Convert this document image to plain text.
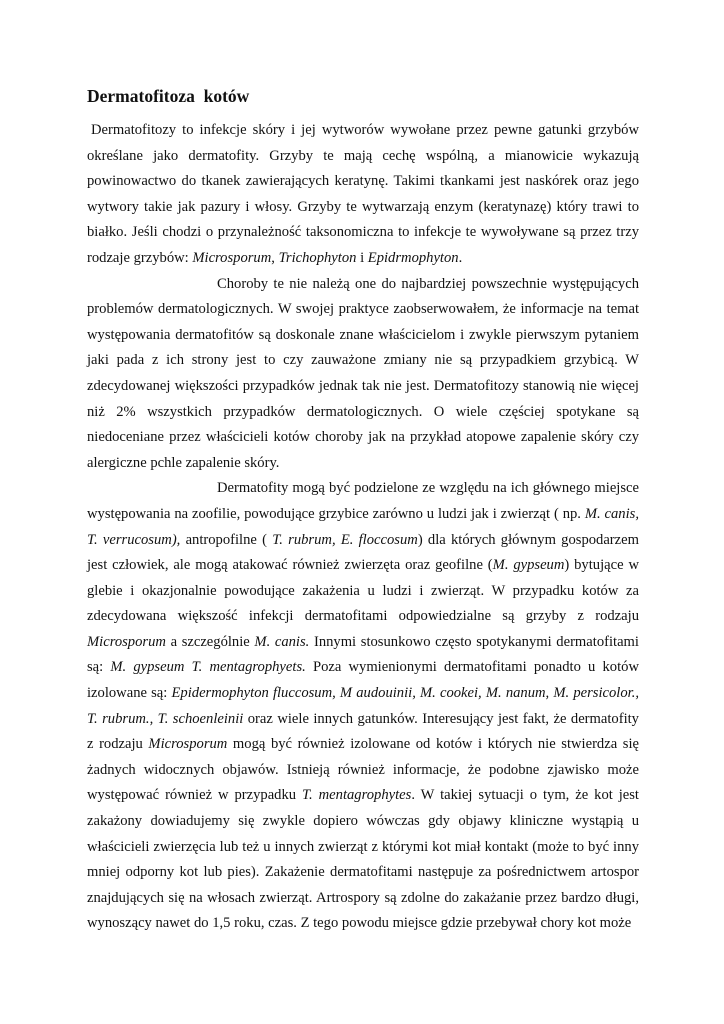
Dermatofitoza  kotów

Dermatofitozy to infekcje skóry i jej wytworów wywołane przez pewne gatunki grzybów określane jako dermatofity. Grzyby te mają cechę wspólną, a mianowicie wykazują powinowactwo do tkanek zawierających keratynę. Takimi tkankami jest naskórek oraz jego wytwory takie jak pazury i włosy. Grzyby te wytwarzają enzym (keratynazę) który trawi to białko. Jeśli chodzi o przynależność taksonomiczna to infekcje te wywoływane są przez trzy rodzaje grzybów: Microsporum, Trichophyton i Epidrmophyton.

Choroby te nie należą one do najbardziej powszechnie występujących problemów dermatologicznych. W swojej praktyce zaobserwowałem, że informacje na temat występowania dermatofitów są doskonale znane właścicielom i zwykle pierwszym pytaniem jaki pada z ich strony jest to czy zauważone zmiany nie są przypadkiem grzybicą. W zdecydowanej większości przypadków jednak tak nie jest. Dermatofitozy stanowią nie więcej niż 2% wszystkich przypadków dermatologicznych. O wiele częściej spotykane są niedoceniane przez właścicieli kotów choroby jak na przykład atopowe zapalenie skóry czy alergiczne pchle zapalenie skóry.

Dermatofity mogą być podzielone ze względu na ich głównego miejsce występowania na zoofilie, powodujące grzybice zarówno u ludzi jak i zwierząt ( np. M. canis, T. verrucosum), antropofilne ( T. rubrum, E. floccosum) dla których głównym gospodarzem jest człowiek, ale mogą atakować również zwierzęta oraz geofilne (M. gypseum) bytujące w glebie i okazjonalnie powodujące zakażenia u ludzi i zwierząt. W przypadku kotów za zdecydowana większość infekcji dermatofitami odpowiedzialne są grzyby z rodzaju Microsporum a szczególnie M. canis. Innymi stosunkowo często spotykanymi dermatofitami są: M. gypseum T. mentagrophyets. Poza wymienionymi dermatofitami ponadto u kotów izolowane są: Epidermophyton fluccosum, M audouinii, M. cookei, M. nanum, M. persicolor., T. rubrum., T. schoenleinii oraz wiele innych gatunków. Interesujący jest fakt, że dermatofity z rodzaju Microsporum mogą być również izolowane od kotów i których nie stwierdza się żadnych widocznych objawów. Istnieją również informacje, że podobne zjawisko może występować również w przypadku T. mentagrophytes. W takiej sytuacji o tym, że kot jest zakażony dowiadujemy się zwykle dopiero wówczas gdy objawy kliniczne wystąpią u właścicieli zwierzęcia lub też u innych zwierząt z którymi kot miał kontakt (może to być inny mniej odporny kot lub pies). Zakażenie dermatofitami następuje za pośrednictwem artospor znajdujących się na włosach zwierząt. Artrospory są zdolne do zakażanie przez bardzo długi, wynoszący nawet do 1,5 roku, czas. Z tego powodu miejsce gdzie przebywał chory kot może
